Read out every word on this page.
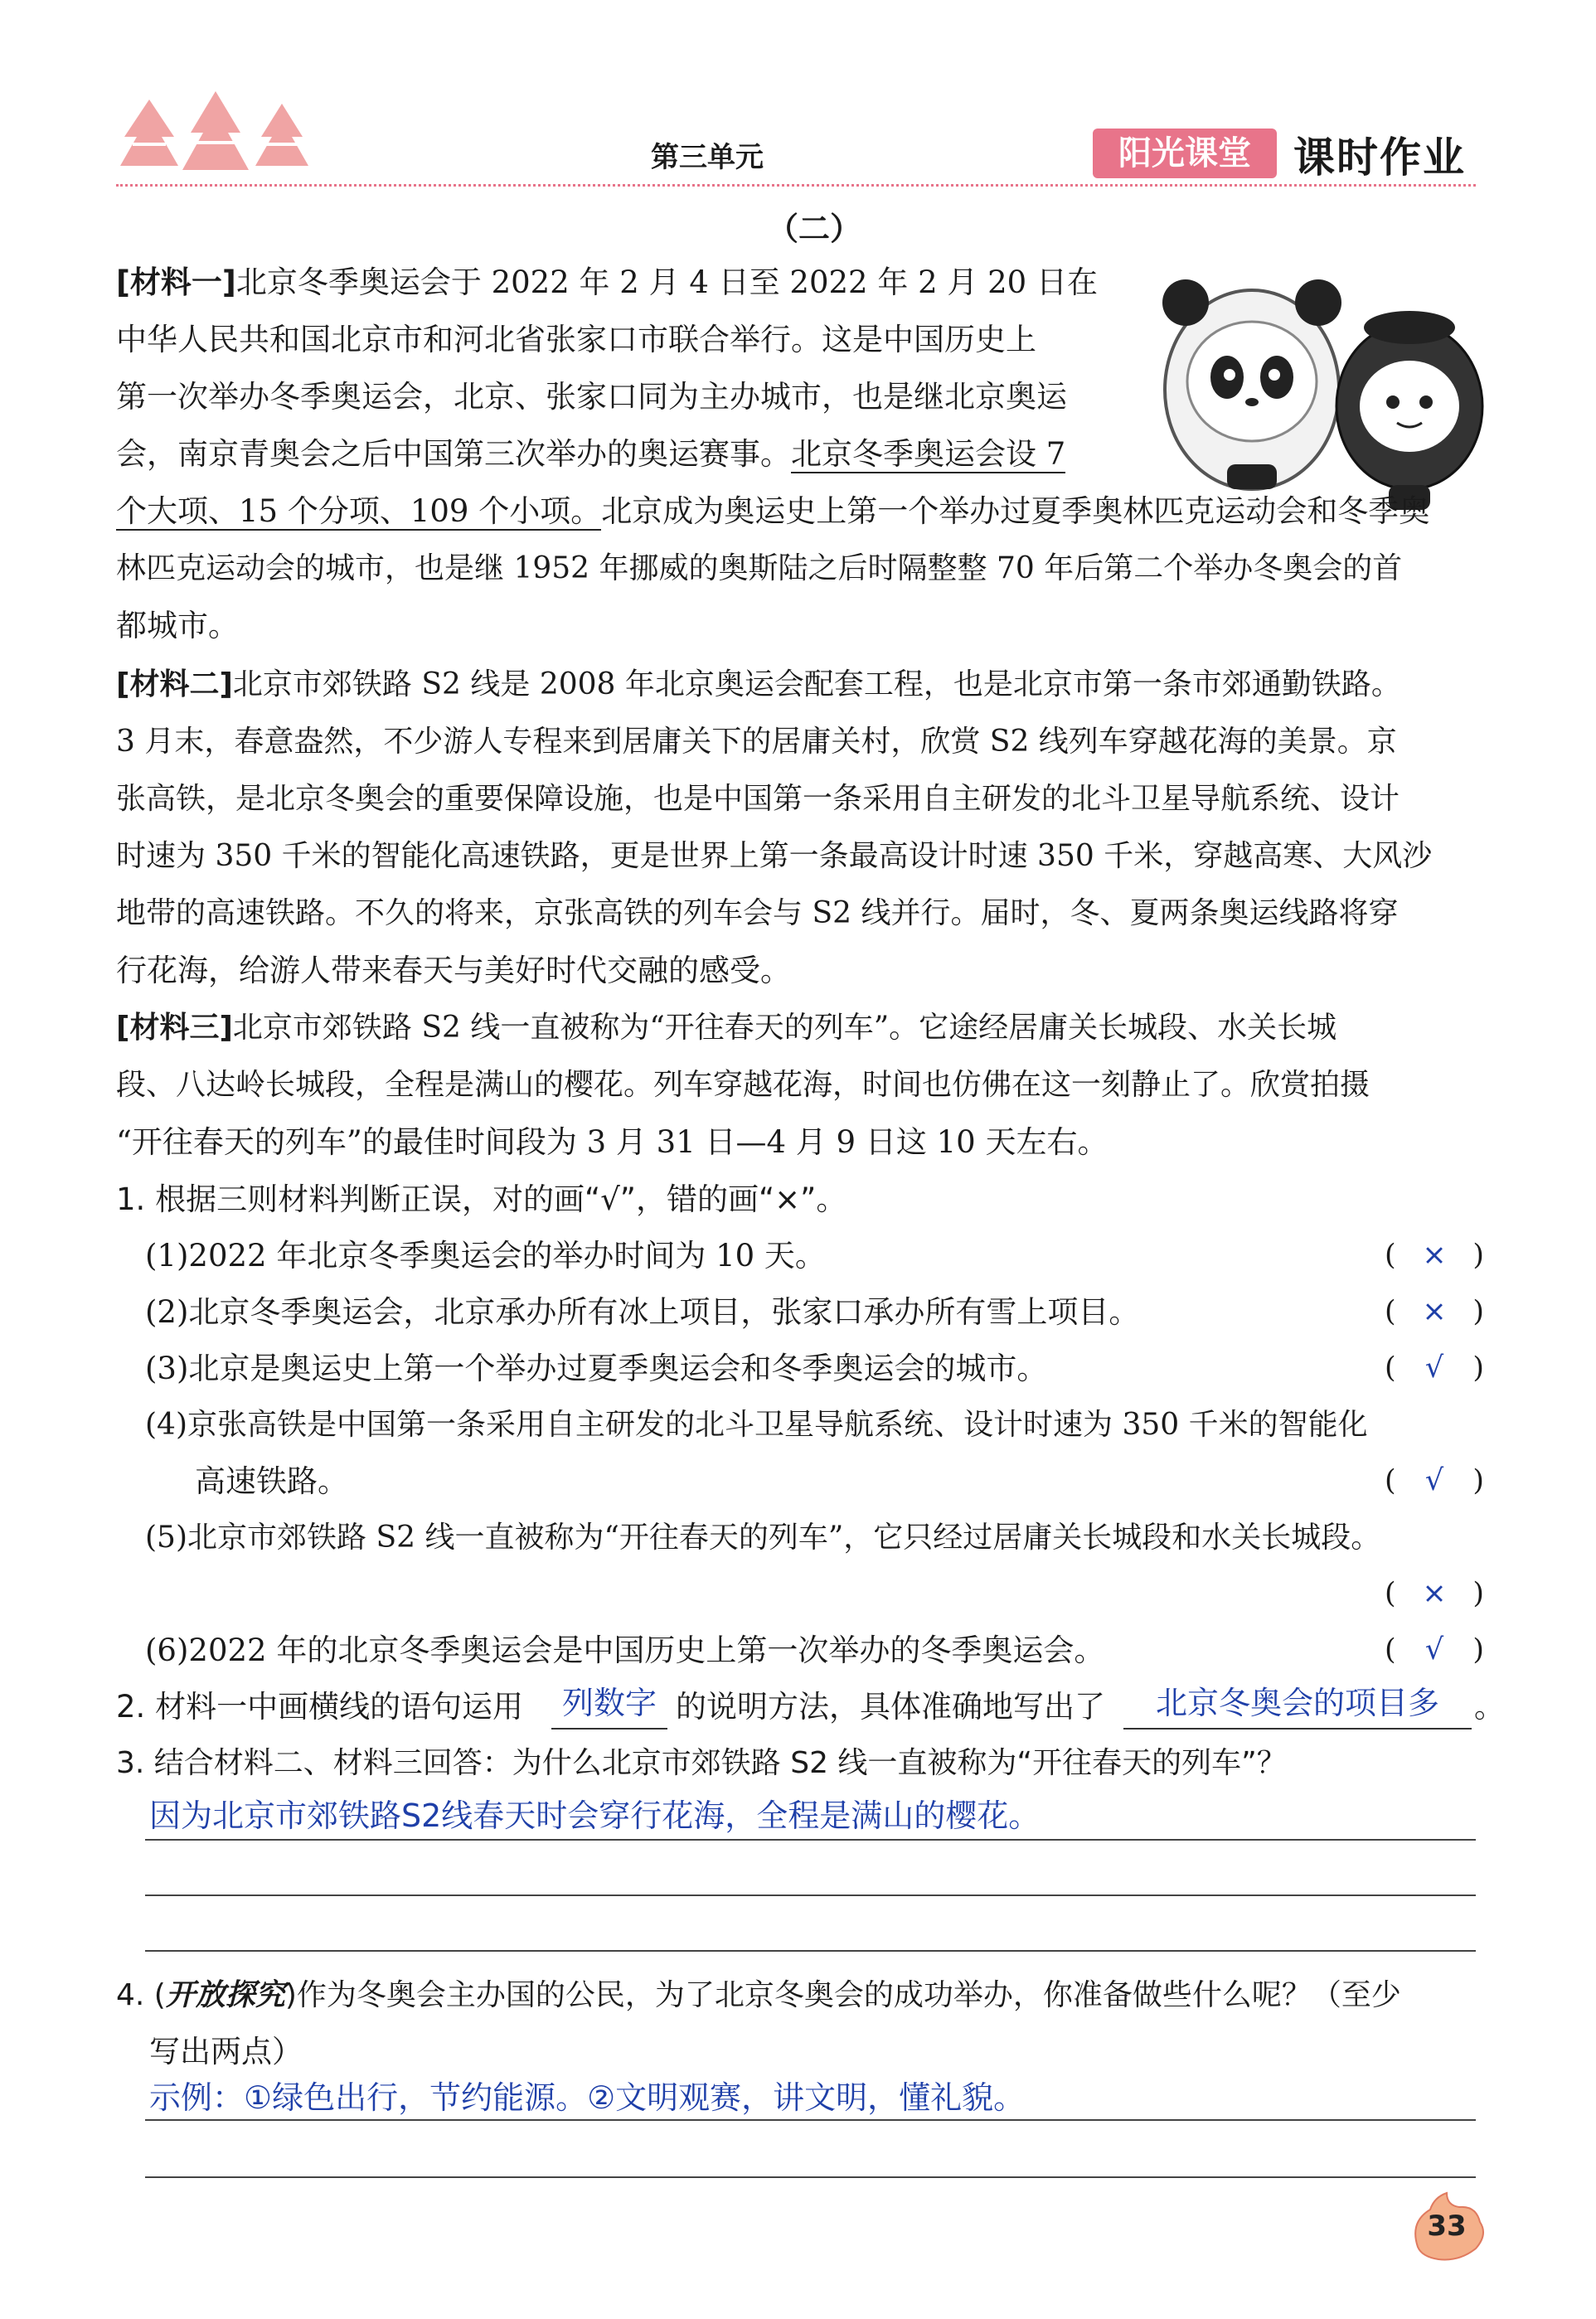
第三单元	阳光课堂	课时作业
（二）
[材料一]北京冬季奥运会于 2022 年 2 月 4 日至 2022 年 2 月 20 日在
中华人民共和国北京市和河北省张家口市联合举行。这是中国历史上
第一次举办冬季奥运会，北京、张家口同为主办城市，也是继北京奥运
会，南京青奥会之后中国第三次举办的奥运赛事。北京冬季奥运会设 7
个大项、15 个分项、109 个小项。北京成为奥运史上第一个举办过夏季奥林匹克运动会和冬季奥
林匹克运动会的城市，也是继 1952 年挪威的奥斯陆之后时隔整整 70 年后第二个举办冬奥会的首
都城市。
[材料二]北京市郊铁路 S2 线是 2008 年北京奥运会配套工程，也是北京市第一条市郊通勤铁路。
3 月末，春意盎然，不少游人专程来到居庸关下的居庸关村，欣赏 S2 线列车穿越花海的美景。京
张高铁，是北京冬奥会的重要保障设施，也是中国第一条采用自主研发的北斗卫星导航系统、设计
时速为 350 千米的智能化高速铁路，更是世界上第一条最高设计时速 350 千米，穿越高寒、大风沙
地带的高速铁路。不久的将来，京张高铁的列车会与 S2 线并行。届时，冬、夏两条奥运线路将穿
行花海，给游人带来春天与美好时代交融的感受。
[材料三]北京市郊铁路 S2 线一直被称为“开往春天的列车”。它途经居庸关长城段、水关长城
段、八达岭长城段，全程是满山的樱花。列车穿越花海，时间也仿佛在这一刻静止了。欣赏拍摄
“开往春天的列车”的最佳时间段为 3 月 31 日—4 月 9 日这 10 天左右。
1. 根据三则材料判断正误，对的画“√”，错的画“×”。
(1)2022 年北京冬季奥运会的举办时间为 10 天。	( × )
(2)北京冬季奥运会，北京承办所有冰上项目，张家口承办所有雪上项目。	( × )
(3)北京是奥运史上第一个举办过夏季奥运会和冬季奥运会的城市。	( √ )
(4)京张高铁是中国第一条采用自主研发的北斗卫星导航系统、设计时速为 350 千米的智能化
高速铁路。	( √ )
(5)北京市郊铁路 S2 线一直被称为“开往春天的列车”，它只经过居庸关长城段和水关长城段。
( × )
(6)2022 年的北京冬季奥运会是中国历史上第一次举办的冬季奥运会。	( √ )
2. 材料一中画横线的语句运用	列数字 的说明方法，具体准确地写出了	北京冬奥会的项目多	。
3. 结合材料二、材料三回答：为什么北京市郊铁路 S2 线一直被称为“开往春天的列车”？
因为北京市郊铁路S2线春天时会穿行花海，全程是满山的樱花。
4. (开放探究)作为冬奥会主办国的公民，为了北京冬奥会的成功举办，你准备做些什么呢？（至少
写出两点）
示例：①绿色出行，节约能源。②文明观赛，讲文明，懂礼貌。
33
